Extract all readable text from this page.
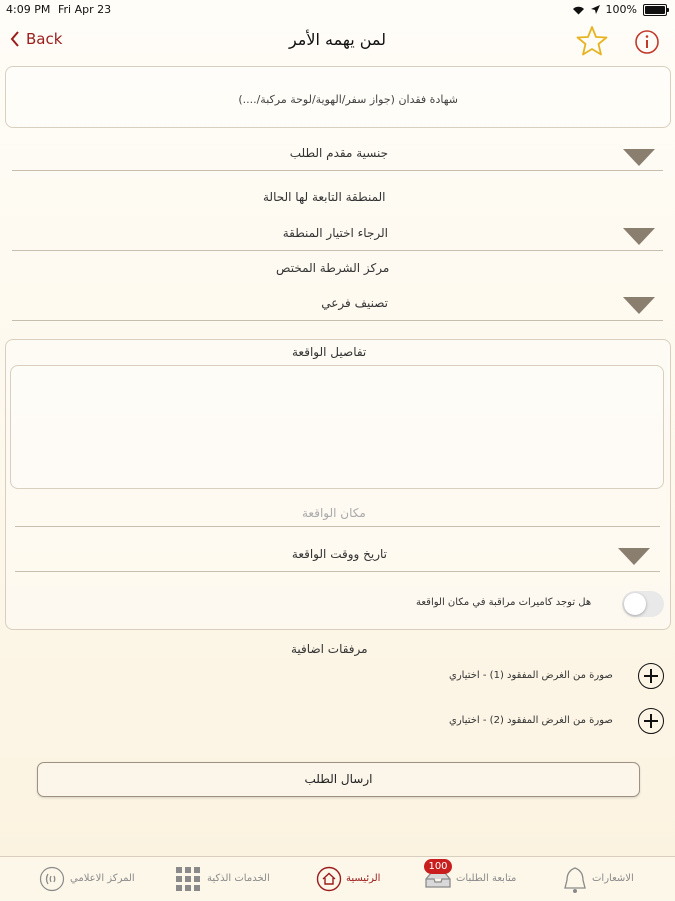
4:09 PM Fri Apr 23	100%
Back	لمن يهمه الأمر
شهادة فقدان (جواز سفر/الهوية/لوحة مركبة/....)
جنسية مقدم الطلب
المنطقة التابعة لها الحالة
الرجاء اختيار المنطقة
مركز الشرطة المختص
تصنيف فرعي
تفاصيل الواقعة
مكان الواقعة
تاريخ ووقت الواقعة
هل توجد كاميرات مراقبة في مكان الواقعة
مرفقات اضافية
صورة من الغرض المفقود (1) - اختياري
صورة من الغرض المفقود (2) - اختياري
ارسال الطلب
المركز الاعلامي	الخدمات الذكية	الرئيسية	متابعة الطلبات
100
الاشعارات
